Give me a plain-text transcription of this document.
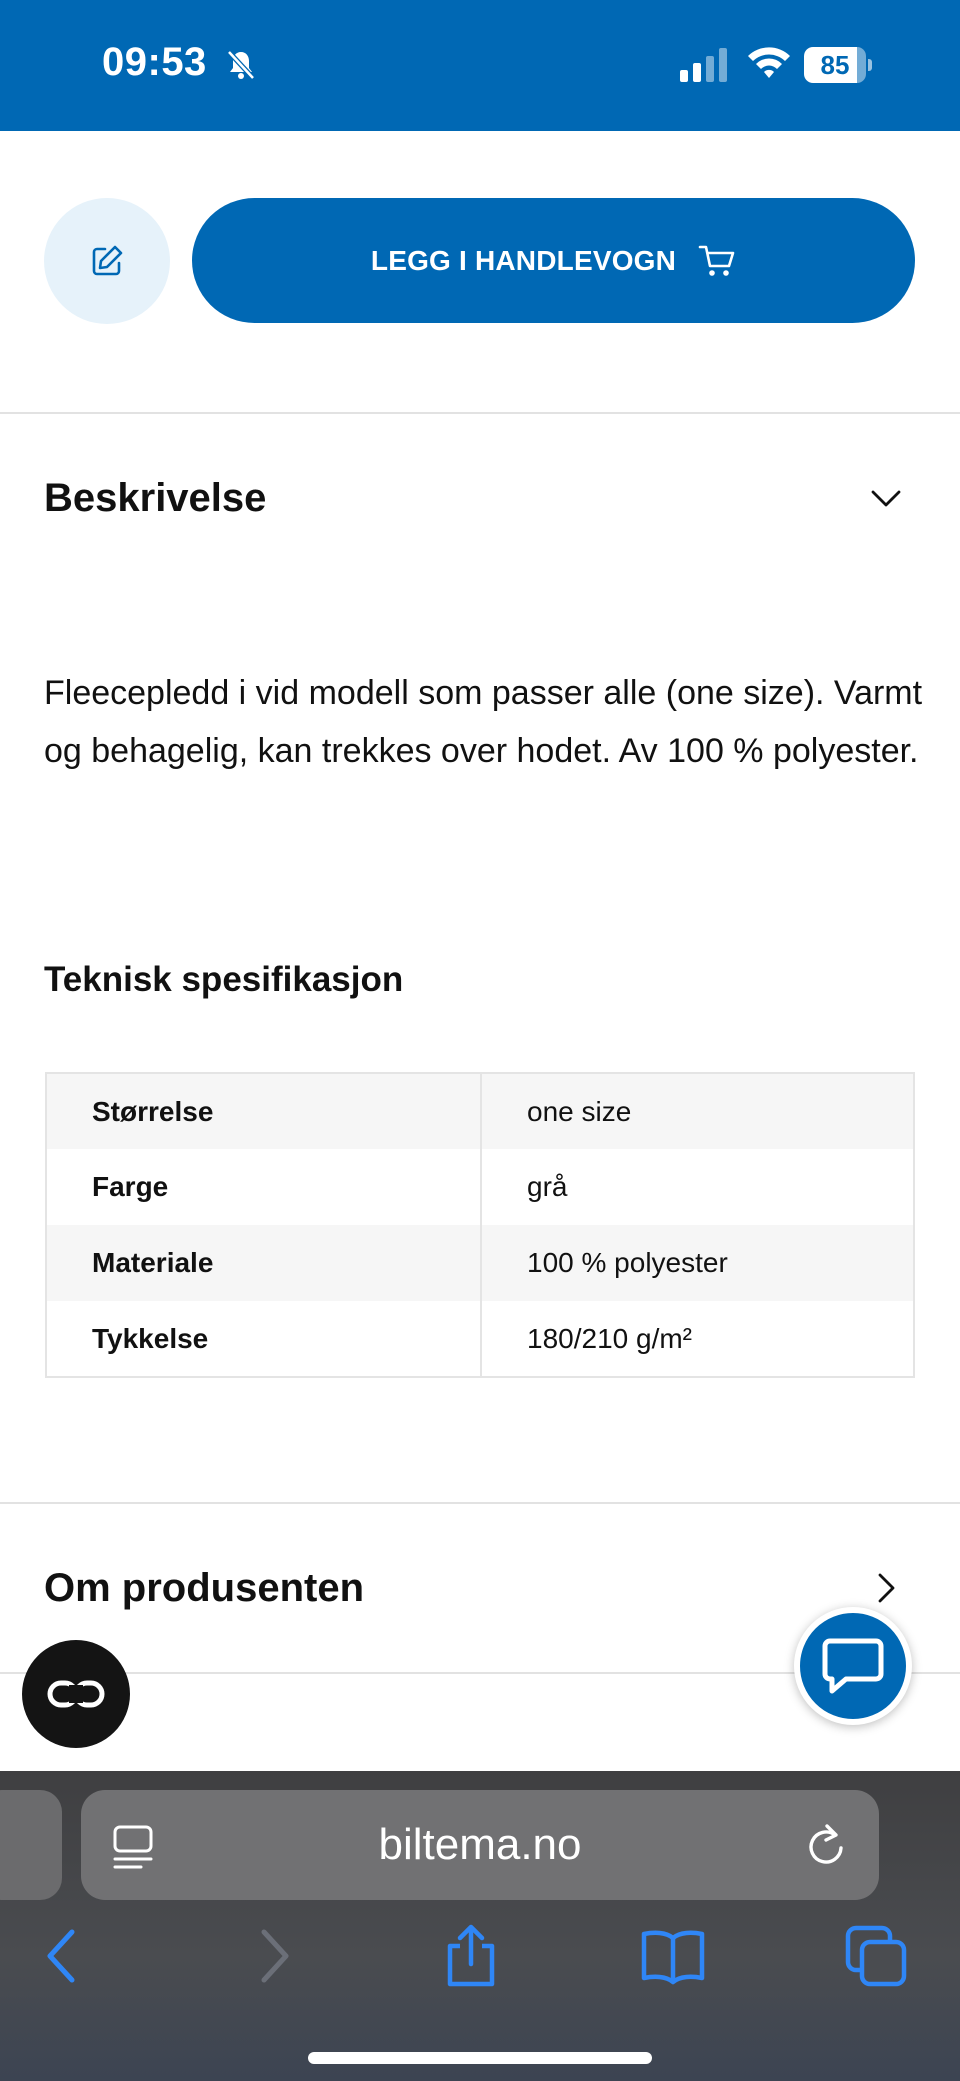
09:53	85
LEGG I HANDLEVOGN
Beskrivelse
Fleecepledd i vid modell som passer alle (one size). Varmt og behagelig, kan trekkes over hodet. Av 100 % polyester.
Teknisk spesifikasjon
Størrelse	one size
Farge	grå
Materiale	100 % polyester
Tykkelse	180/210 g/m²
Om produsenten
biltema.no
